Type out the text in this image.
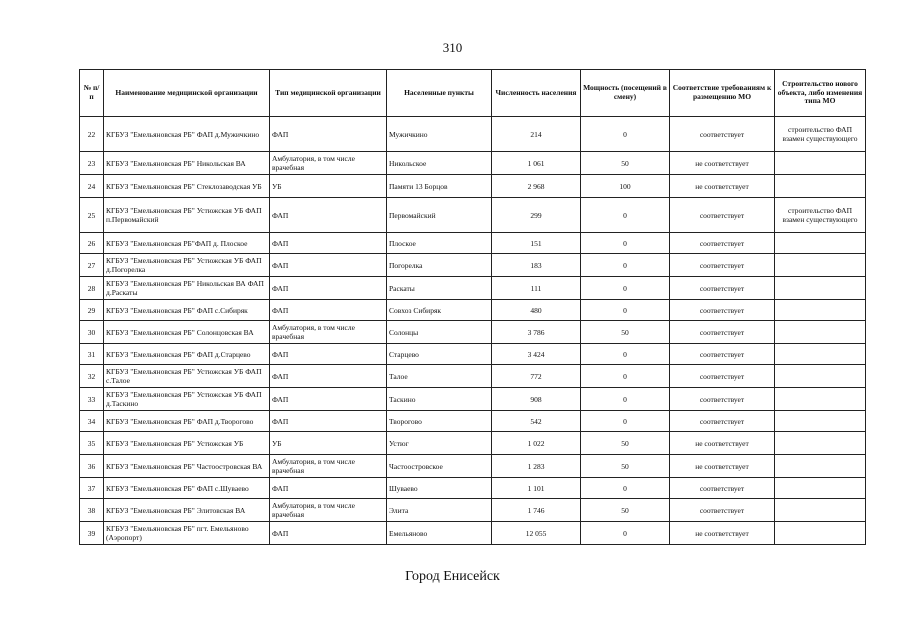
310
№ п/п	Наименование медицинской организации	Тип медицинской организации	Населенные пункты	Численность населения	Мощность (посещений в смену)	Соответствие требованиям к размещению МО	Строительство нового объекта, либо изменения типа МО
22	КГБУЗ "Емельяновская РБ" ФАП д.Мужичкино	ФАП	Мужичкино	214	0	соответствует	строительство ФАП взамен существующего
23	КГБУЗ "Емельяновская РБ" Никольская ВА	Амбулатория, в том числе врачебная	Никольское	1 061	50	не соответствует	
24	КГБУЗ "Емельяновская РБ" Стеклозаводская УБ	УБ	Памяти 13 Борцов	2 968	100	не соответствует	
25	КГБУЗ "Емельяновская РБ" Устюжская УБ ФАП п.Первомайский	ФАП	Первомайский	299	0	соответствует	строительство ФАП взамен существующего
26	КГБУЗ "Емельяновская РБ"ФАП д. Плоское	ФАП	Плоское	151	0	соответствует	
27	КГБУЗ "Емельяновская РБ" Устюжская УБ ФАП д.Погорелка	ФАП	Погорелка	183	0	соответствует	
28	КГБУЗ "Емельяновская РБ" Никольская ВА ФАП д.Раскаты	ФАП	Раскаты	111	0	соответствует	
29	КГБУЗ "Емельяновская РБ" ФАП с.Сибиряк	ФАП	Совхоз Сибиряк	480	0	соответствует	
30	КГБУЗ "Емельяновская РБ" Солонцовская ВА	Амбулатория, в том числе врачебная	Солонцы	3 786	50	соответствует	
31	КГБУЗ "Емельяновская РБ" ФАП д.Старцево	ФАП	Старцево	3 424	0	соответствует	
32	КГБУЗ "Емельяновская РБ" Устюжская УБ ФАП с.Талое	ФАП	Талое	772	0	соответствует	
33	КГБУЗ "Емельяновская РБ" Устюжская УБ ФАП д.Таскино	ФАП	Таскино	908	0	соответствует	
34	КГБУЗ "Емельяновская РБ" ФАП д.Творогово	ФАП	Творогово	542	0	соответствует	
35	КГБУЗ "Емельяновская РБ" Устюжская УБ	УБ	Устюг	1 022	50	не соответствует	
36	КГБУЗ "Емельяновская РБ" Частоостровская ВА	Амбулатория, в том числе врачебная	Частоостровское	1 283	50	не соответствует	
37	КГБУЗ "Емельяновская РБ" ФАП с.Шуваево	ФАП	Шуваево	1 101	0	соответствует	
38	КГБУЗ "Емельяновская РБ" Элитовская ВА	Амбулатория, в том числе врачебная	Элита	1 746	50	соответствует	
39	КГБУЗ "Емельяновская РБ" пгт. Емельяново (Аэропорт)	ФАП	Емельяново	12 055	0	не соответствует	
Город Енисейск
